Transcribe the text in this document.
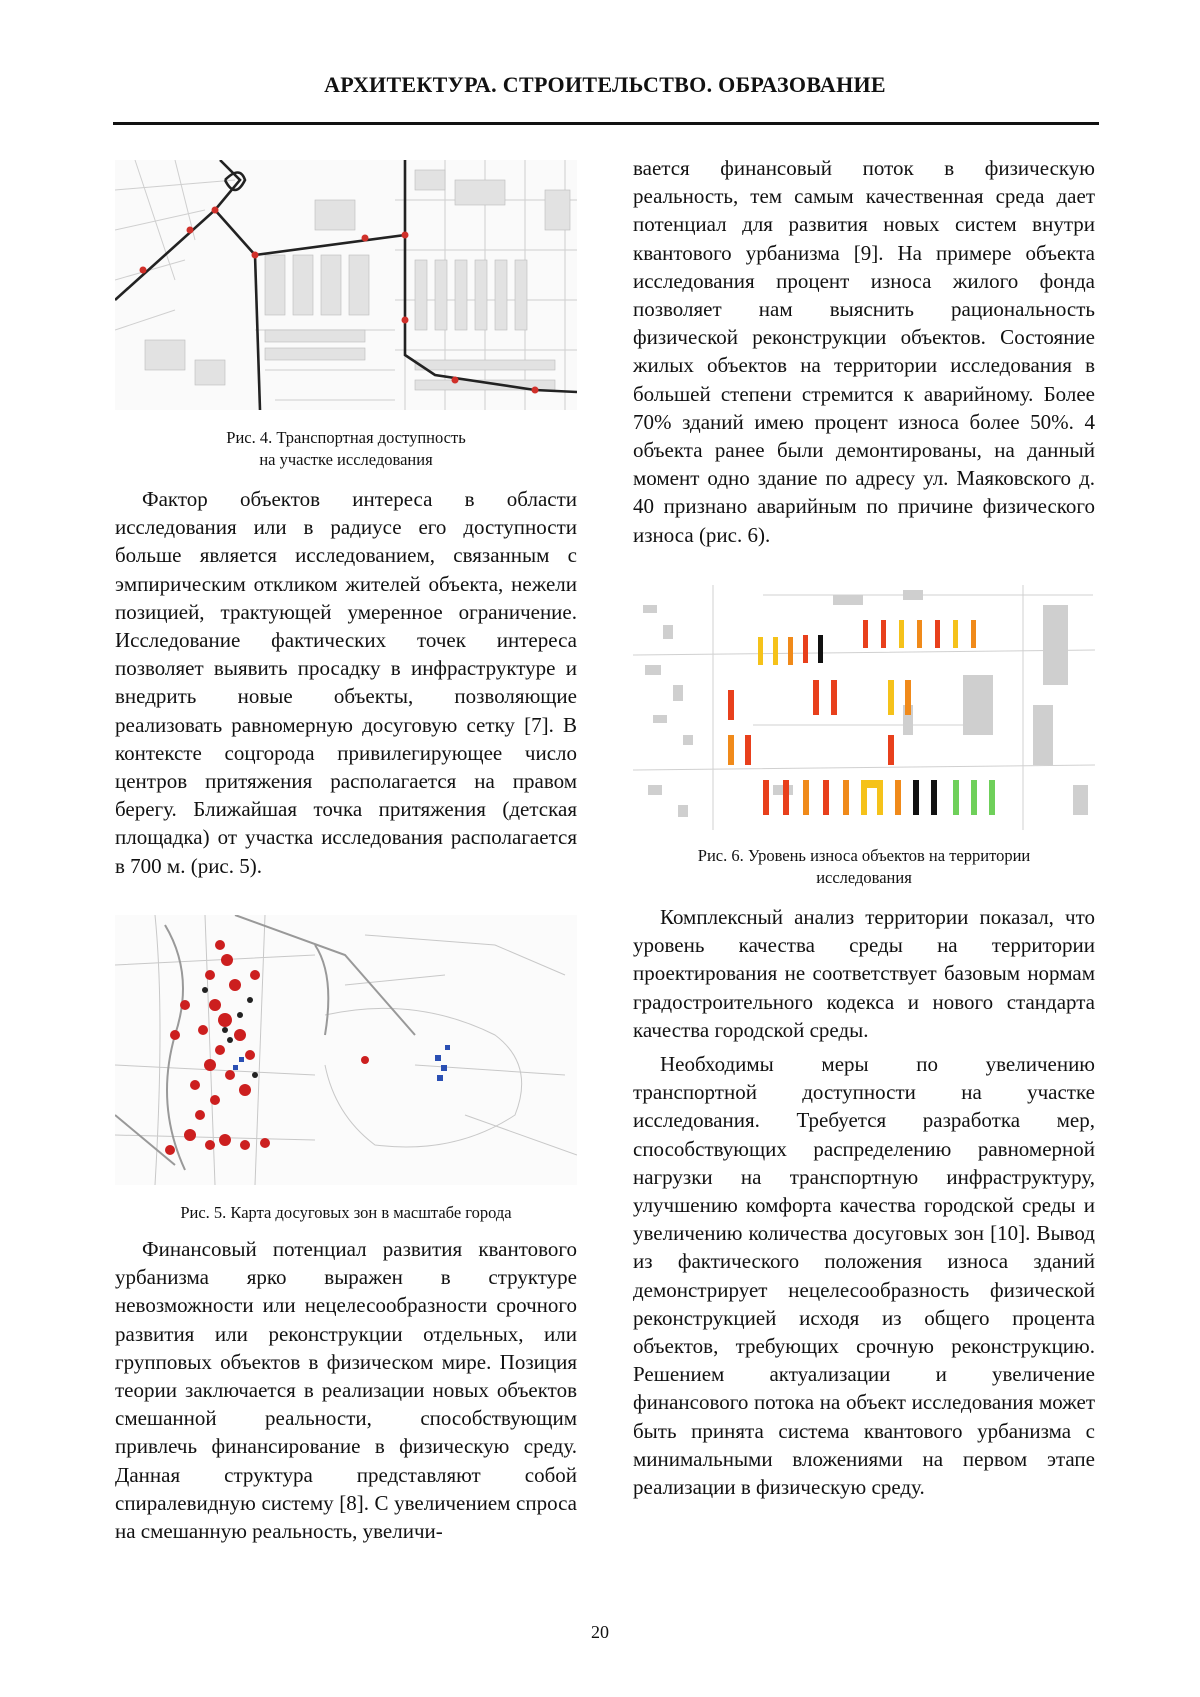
АРХИТЕКТУРА. СТРОИТЕЛЬСТВО. ОБРАЗОВАНИЕ
Рис. 4. Транспортная доступность
на участке исследования

Фактор объектов интереса в области исследования или в радиусе его доступности больше является исследованием, связанным с эмпирическим откликом жителей объекта, нежели позицией, трактующей умеренное ограничение. Исследование фактических точек интереса позволяет выявить просадку в инфраструктуре и внедрить новые объекты, позволяющие реализовать равномерную досуговую сетку [7]. В контексте соцгорода привилегирующее число центров притяжения располагается на правом берегу. Ближайшая точка притяжения (детская площадка) от участка исследования располагается в 700 м. (рис. 5).

Рис. 5. Карта досуговых зон в масштабе города

Финансовый потенциал развития квантового урбанизма ярко выражен в структуре невозможности или нецелесообразности срочного развития или реконструкции отдельных, или групповых объектов в физическом мире. Позиция теории заключается в реализации новых объектов смешанной реальности, способствующим привлечь финансирование в физическую среду. Данная структура представляют собой спиралевидную систему [8]. С увеличением спроса на смешанную реальность, увеличи-

вается финансовый поток в физическую реальность, тем самым качественная среда дает потенциал для развития новых систем внутри квантового урбанизма [9]. На примере объекта исследования процент износа жилого фонда позволяет нам выяснить рациональность физической реконструкции объектов. Состояние жилых объектов на территории исследования в большей степени стремится к аварийному. Более 70% зданий имею процент износа более 50%. 4 объекта ранее были демонтированы, на данный момент одно здание по адресу ул. Маяковского д. 40 признано аварийным по причине физического износа (рис. 6).

Рис. 6. Уровень износа объектов на территории
исследования

Комплексный анализ территории показал, что уровень качества среды на территории проектирования не соответствует базовым нормам градостроительного кодекса и нового стандарта качества городской среды.

Необходимы меры по увеличению транспортной доступности на участке исследования. Требуется разработка мер, способствующих распределению равномерной нагрузки на транспортную инфраструктуру, улучшению комфорта качества городской среды и увеличению количества досуговых зон [10]. Вывод из фактического положения износа зданий демонстрирует нецелесообразность физической реконструкцией исходя из общего процента объектов, требующих срочную реконструкцию. Решением актуализации и увеличение финансового потока на объект исследования может быть принята система квантового урбанизма с минимальными вложениями на первом этапе реализации в физическую среду.

20
